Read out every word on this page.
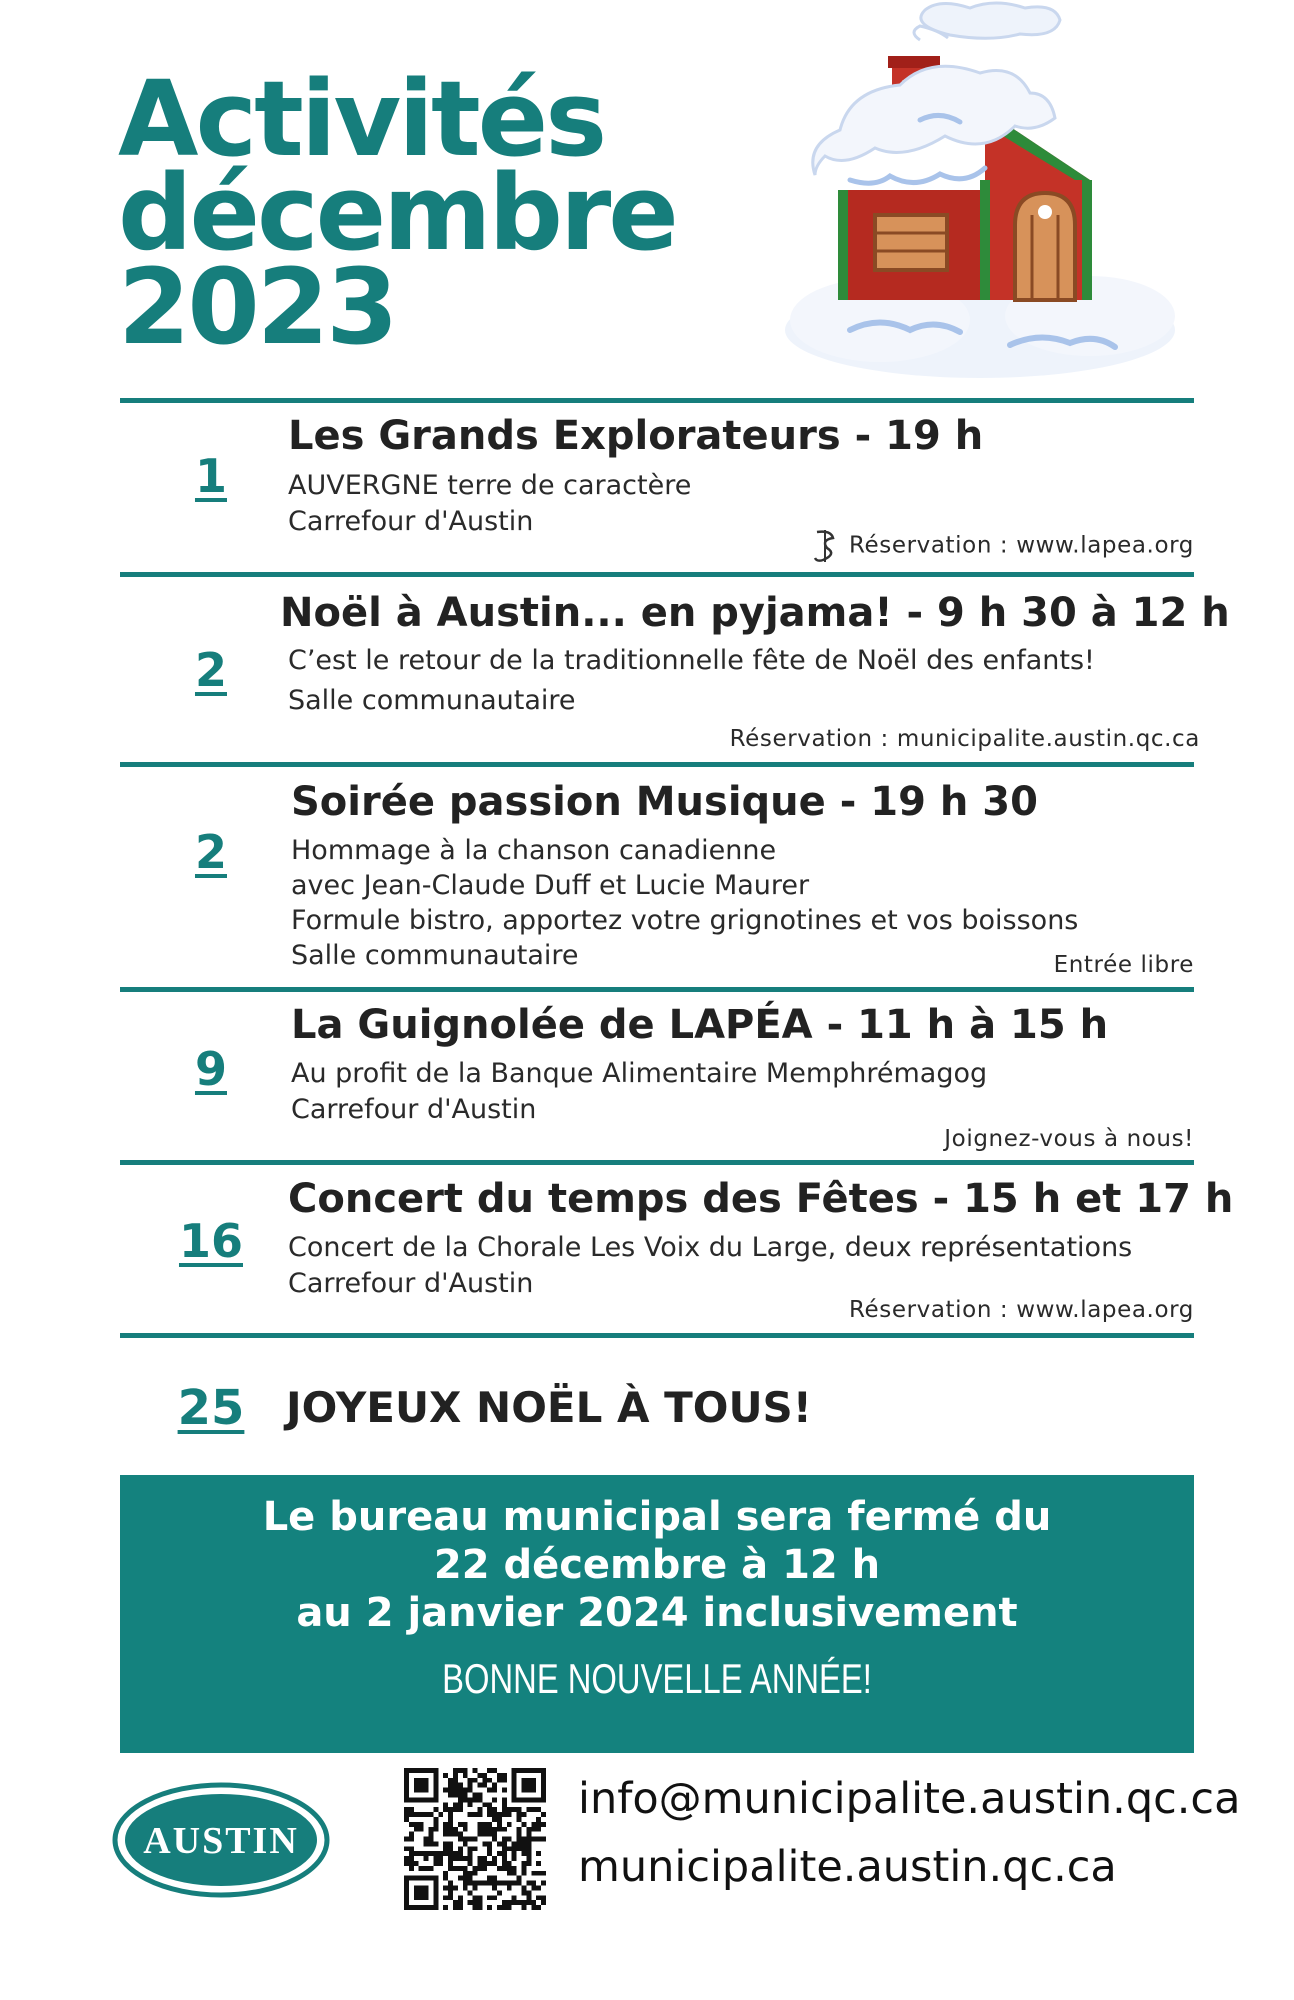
Activités
décembre
2023
1
Les Grands Explorateurs - 19 h
AUVERGNE terre de caractère
Carrefour d'Austin
Réservation : www.lapea.org
2
Noël à Austin... en pyjama! - 9 h 30 à 12 h
C’est le retour de la traditionnelle fête de Noël des enfants!
Salle communautaire
Réservation : municipalite.austin.qc.ca
2
Soirée passion Musique - 19 h 30
Hommage à la chanson canadienne
avec Jean-Claude Duff et Lucie Maurer
Formule bistro, apportez votre grignotines et vos boissons
Salle communautaire	Entrée libre
9
La Guignolée de LAPÉA - 11 h à 15 h
Au profit de la Banque Alimentaire Memphrémagog
Carrefour d'Austin
Joignez-vous à nous!
16
Concert du temps des Fêtes - 15 h et 17 h
Concert de la Chorale Les Voix du Large, deux représentations
Carrefour d'Austin
Réservation : www.lapea.org
25 JOYEUX NOËL À TOUS!
Le bureau municipal sera fermé du
22 décembre à 12 h
au 2 janvier 2024 inclusivement
BONNE NOUVELLE ANNÉE!
AUSTIN
info@municipalite.austin.qc.ca
municipalite.austin.qc.ca
